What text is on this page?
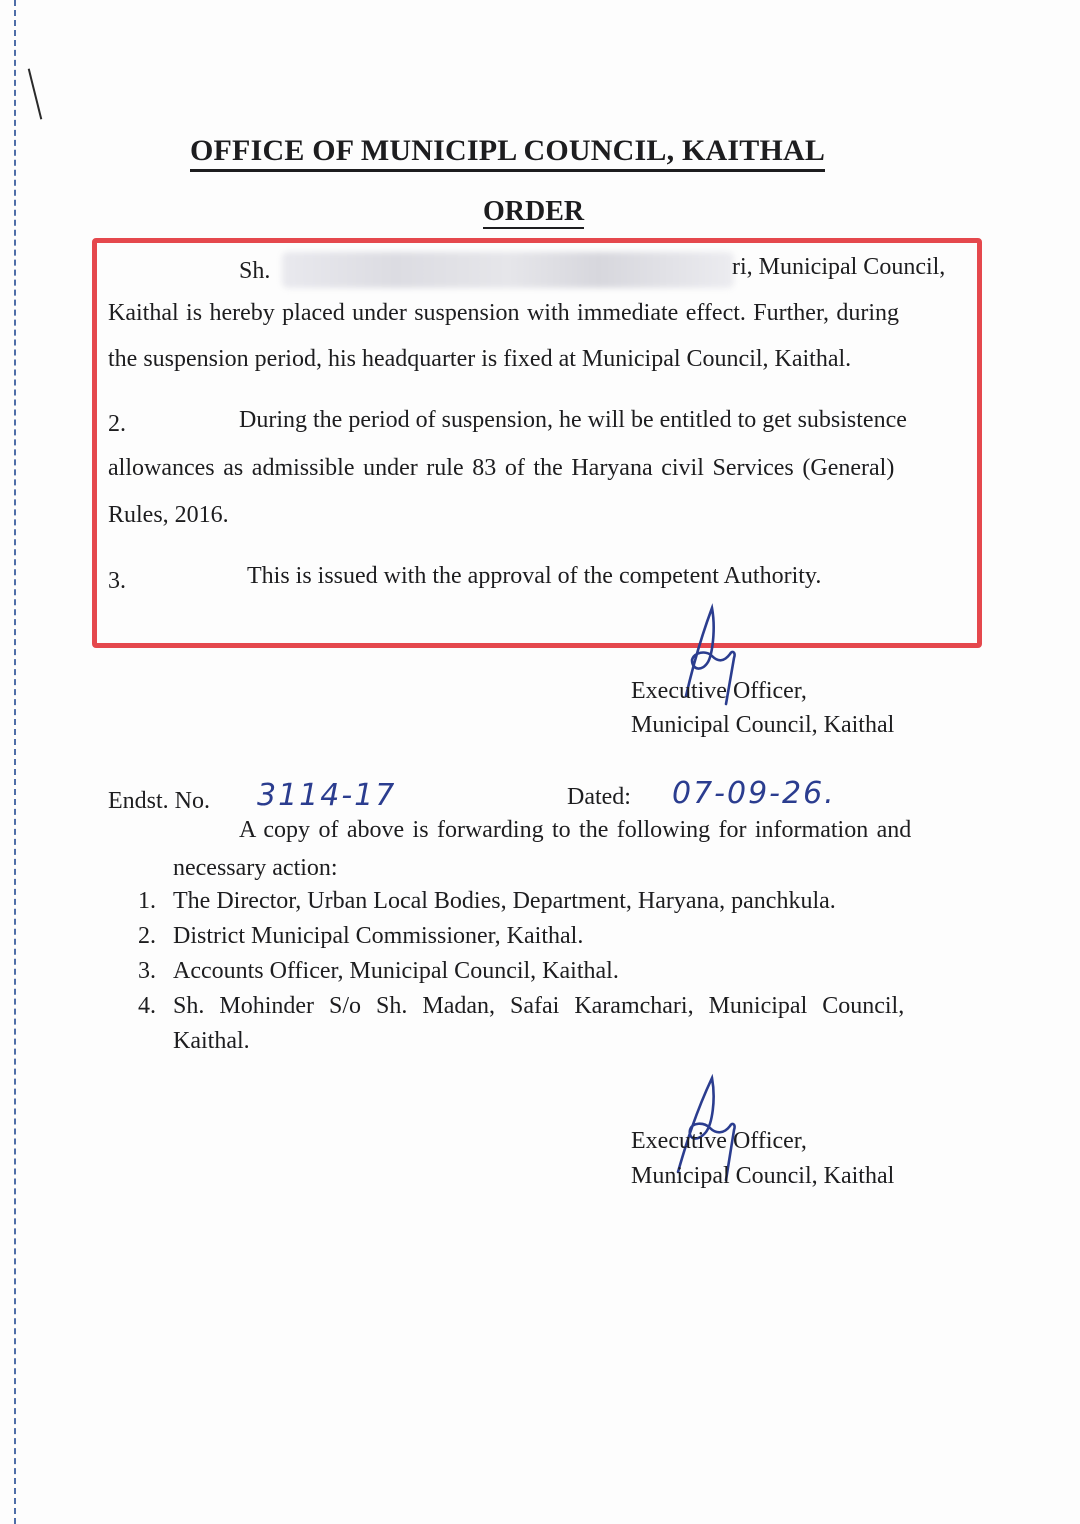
OFFICE OF MUNICIPL COUNCIL, KAITHAL
ORDER
Sh.	ri, Municipal Council,
Kaithal is hereby placed under suspension with immediate effect. Further, during
the suspension period, his headquarter is fixed at Municipal Council, Kaithal.
2.	During the period of suspension, he will be entitled to get subsistence
allowances as admissible under rule 83 of the Haryana civil Services (General)
Rules, 2016.
3.	This is issued with the approval of the competent Authority.
Executive Officer,
Municipal Council, Kaithal
Endst. No. 3114-17	Dated: 07-09-26.
A copy of above is forwarding to the following for information and
necessary action:
1. The Director, Urban Local Bodies, Department, Haryana, panchkula.
2. District Municipal Commissioner, Kaithal.
3. Accounts Officer, Municipal Council, Kaithal.
4. Sh. Mohinder S/o Sh. Madan, Safai Karamchari, Municipal Council,
Kaithal.
Executive Officer,
Municipal Council, Kaithal
